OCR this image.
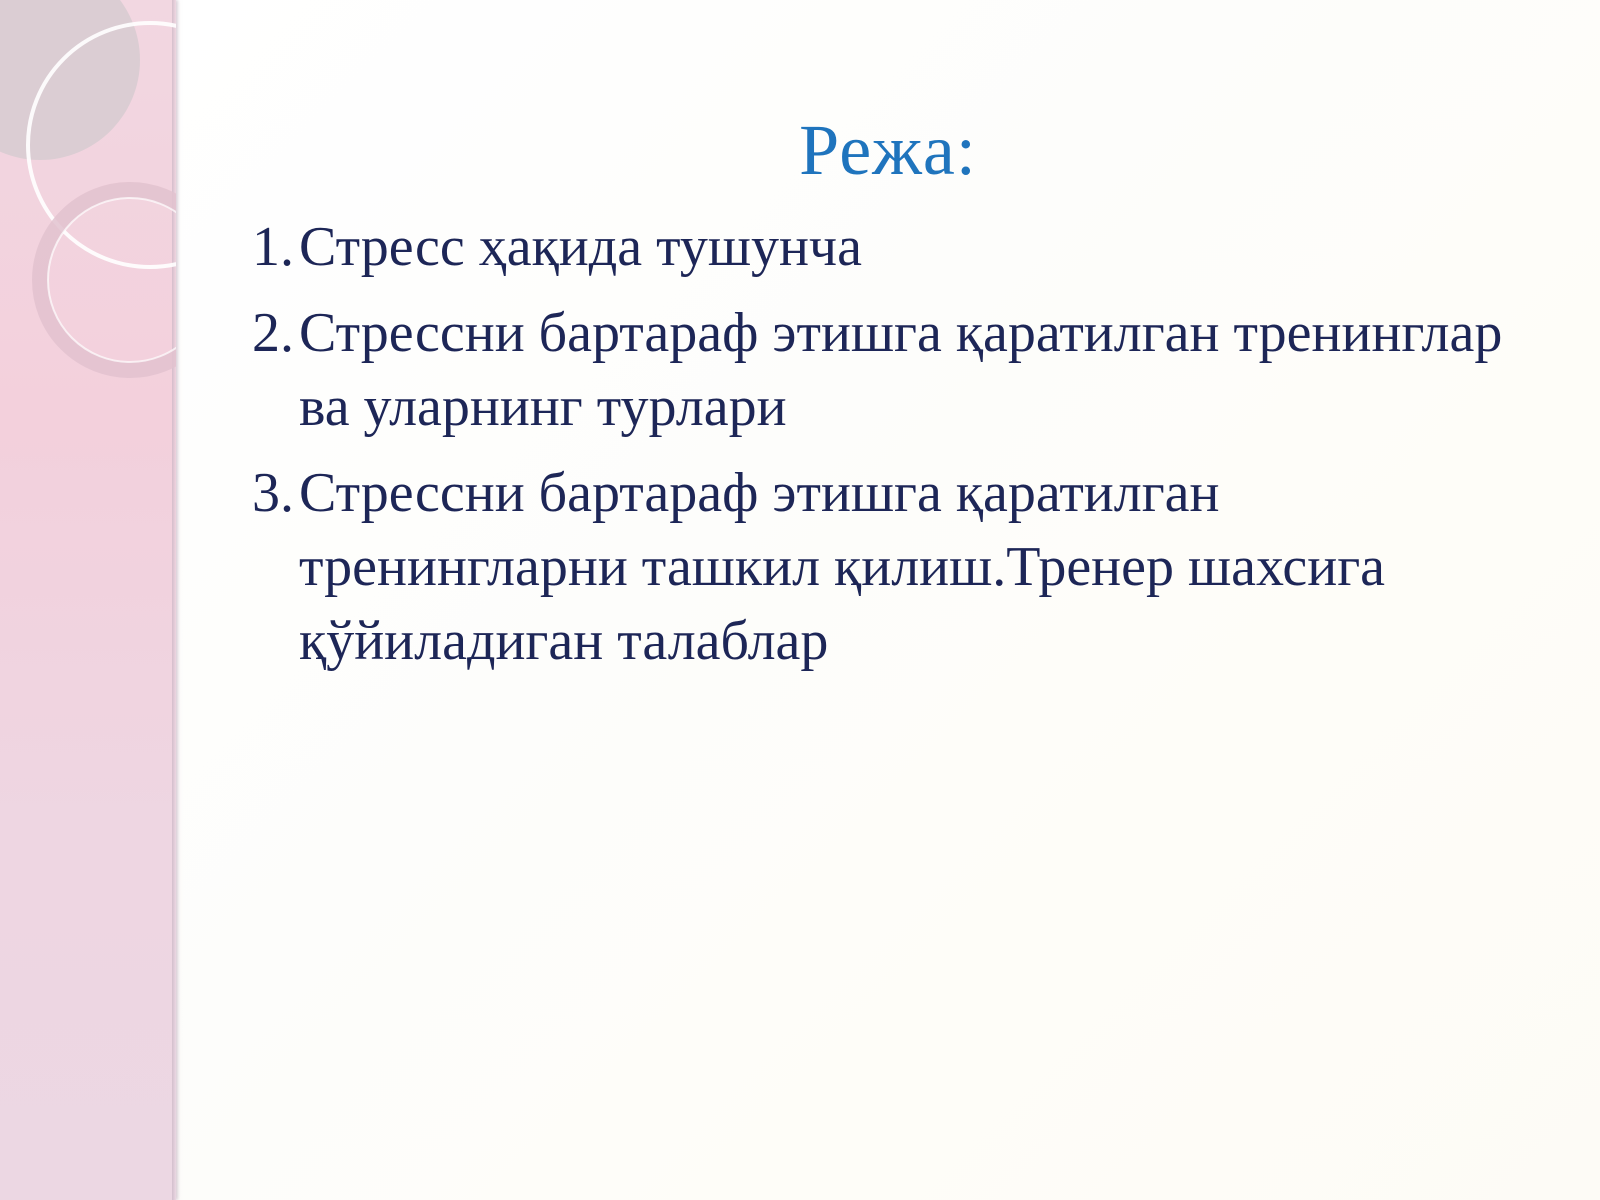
Режа:
1. Стресс ҳақида тушунча
2. Стрессни бартараф этишга қаратилган тренинглар ва уларнинг турлари
3. Стрессни бартараф этишга қаратилган тренингларни ташкил қилиш.Тренер шахсига қўйиладиган талаблар
